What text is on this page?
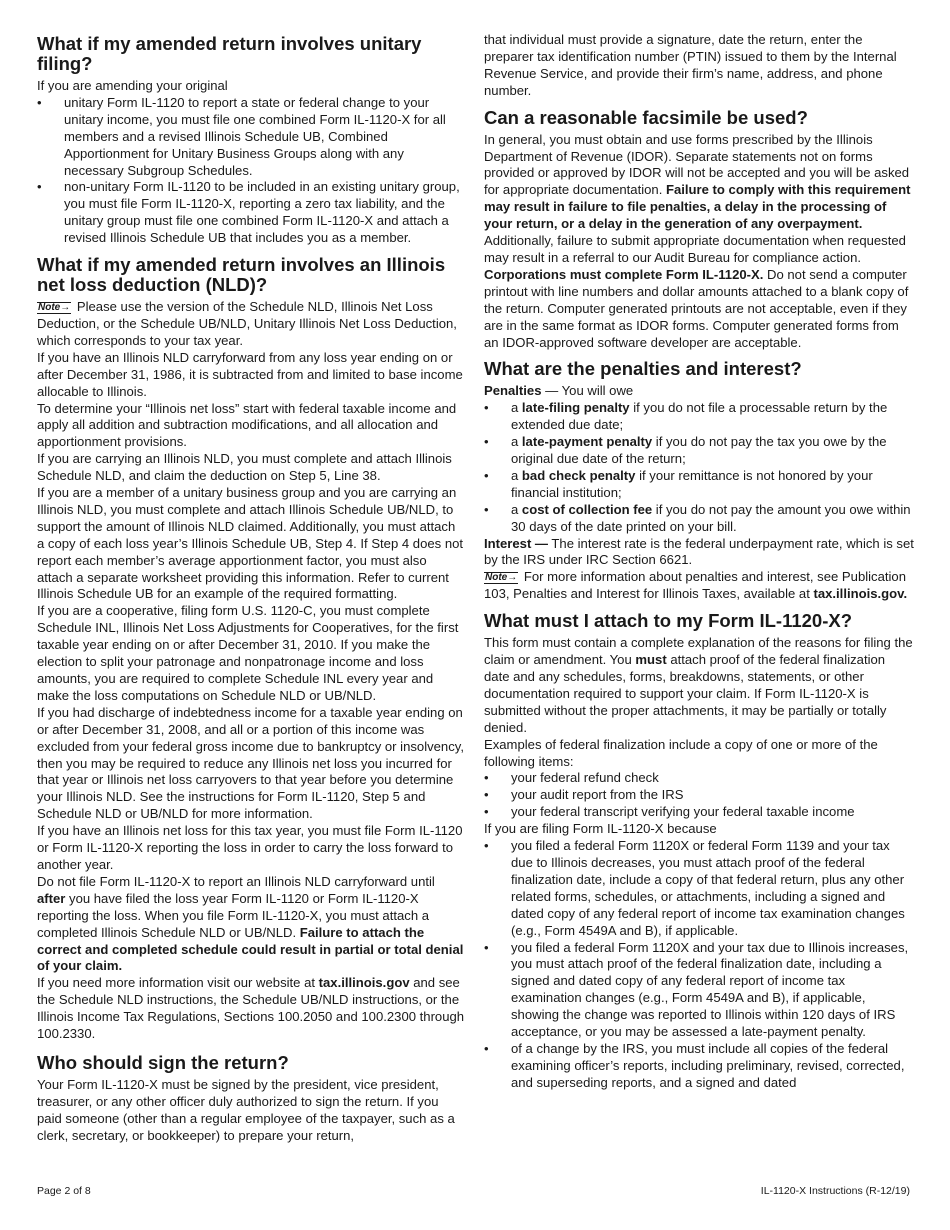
What if my amended return involves unitary filing?

If you are amending your original

• unitary Form IL-1120 to report a state or federal change to your unitary income, you must file one combined Form IL-1120-X for all members and a revised Illinois Schedule UB, Combined Apportionment for Unitary Business Groups along with any necessary Subgroup Schedules.
• non-unitary Form IL-1120 to be included in an existing unitary group, you must file Form IL-1120-X, reporting a zero tax liability, and the unitary group must file one combined Form IL-1120-X and attach a revised Illinois Schedule UB that includes you as a member.
What if my amended return involves an Illinois net loss deduction (NLD)?

Note→ Please use the version of the Schedule NLD, Illinois Net Loss Deduction, or the Schedule UB/NLD, Unitary Illinois Net Loss Deduction, which corresponds to your tax year.

If you have an Illinois NLD carryforward from any loss year ending on or after December 31, 1986, it is subtracted from and limited to base income allocable to Illinois.

To determine your “Illinois net loss” start with federal taxable income and apply all addition and subtraction modifications, and all allocation and apportionment provisions.

If you are carrying an Illinois NLD, you must complete and attach Illinois Schedule NLD, and claim the deduction on Step 5, Line 38.

If you are a member of a unitary business group and you are carrying an Illinois NLD, you must complete and attach Illinois Schedule UB/NLD, to support the amount of Illinois NLD claimed. Additionally, you must attach a copy of each loss year’s Illinois Schedule UB, Step 4. If Step 4 does not report each member’s average apportionment factor, you must also attach a separate worksheet providing this information. Refer to current Illinois Schedule UB for an example of the required formatting.

If you are a cooperative, filing form U.S. 1120-C, you must complete Schedule INL, Illinois Net Loss Adjustments for Cooperatives, for the first taxable year ending on or after December 31, 2010. If you make the election to split your patronage and nonpatronage income and loss amounts, you are required to complete Schedule INL every year and make the loss computations on Schedule NLD or UB/NLD.

If you had discharge of indebtedness income for a taxable year ending on or after December 31, 2008, and all or a portion of this income was excluded from your federal gross income due to bankruptcy or insolvency, then you may be required to reduce any Illinois net loss you incurred for that year or Illinois net loss carryovers to that year before you determine your Illinois NLD. See the instructions for Form IL-1120, Step 5 and Schedule NLD or UB/NLD for more information.

If you have an Illinois net loss for this tax year, you must file Form IL-1120 or Form IL-1120-X reporting the loss in order to carry the loss forward to another year.

Do not file Form IL-1120-X to report an Illinois NLD carryforward until after you have filed the loss year Form IL-1120 or Form IL-1120-X reporting the loss. When you file Form IL-1120-X, you must attach a completed Illinois Schedule NLD or UB/NLD. Failure to attach the correct and completed schedule could result in partial or total denial of your claim.

If you need more information visit our website at tax.illinois.gov and see the Schedule NLD instructions, the Schedule UB/NLD instructions, or the Illinois Income Tax Regulations, Sections 100.2050 and 100.2300 through 100.2330.

Who should sign the return?

Your Form IL-1120-X must be signed by the president, vice president, treasurer, or any other officer duly authorized to sign the return. If you paid someone (other than a regular employee of the taxpayer, such as a clerk, secretary, or bookkeeper) to prepare your return,

that individual must provide a signature, date the return, enter the preparer tax identification number (PTIN) issued to them by the Internal Revenue Service, and provide their firm’s name, address, and phone number.

Can a reasonable facsimile be used?

In general, you must obtain and use forms prescribed by the Illinois Department of Revenue (IDOR). Separate statements not on forms provided or approved by IDOR will not be accepted and you will be asked for appropriate documentation. Failure to comply with this requirement may result in failure to file penalties, a delay in the processing of your return, or a delay in the generation of any overpayment. Additionally, failure to submit appropriate documentation when requested may result in a referral to our Audit Bureau for compliance action.

Corporations must complete Form IL-1120-X. Do not send a computer printout with line numbers and dollar amounts attached to a blank copy of the return. Computer generated printouts are not acceptable, even if they are in the same format as IDOR forms. Computer generated forms from an IDOR-approved software developer are acceptable.

What are the penalties and interest?

Penalties — You will owe

• a late-filing penalty if you do not file a processable return by the extended due date;
• a late-payment penalty if you do not pay the tax you owe by the original due date of the return;
• a bad check penalty if your remittance is not honored by your financial institution;
• a cost of collection fee if you do not pay the amount you owe within 30 days of the date printed on your bill.

Interest — The interest rate is the federal underpayment rate, which is set by the IRS under IRC Section 6621.

Note→ For more information about penalties and interest, see Publication 103, Penalties and Interest for Illinois Taxes, available at tax.illinois.gov.

What must I attach to my Form IL-1120-X?

This form must contain a complete explanation of the reasons for filing the claim or amendment. You must attach proof of the federal finalization date and any schedules, forms, breakdowns, statements, or other documentation required to support your claim. If Form IL-1120-X is submitted without the proper attachments, it may be partially or totally denied.

Examples of federal finalization include a copy of one or more of the following items:

• your federal refund check
• your audit report from the IRS
• your federal transcript verifying your federal taxable income

If you are filing Form IL-1120-X because

• you filed a federal Form 1120X or federal Form 1139 and your tax due to Illinois decreases, you must attach proof of the federal finalization date, include a copy of that federal return, plus any other related forms, schedules, or attachments, including a signed and dated copy of any federal report of income tax examination changes (e.g., Form 4549A and B), if applicable.
• you filed a federal Form 1120X and your tax due to Illinois increases, you must attach proof of the federal finalization date, including a signed and dated copy of any federal report of income tax examination changes (e.g., Form 4549A and B), if applicable, showing the change was reported to Illinois within 120 days of IRS acceptance, or you may be assessed a late-payment penalty.
• of a change by the IRS, you must include all copies of the federal examining officer’s reports, including preliminary, revised, corrected, and superseding reports, and a signed and dated
Page 2 of 8	IL-1120-X Instructions (R-12/19)
